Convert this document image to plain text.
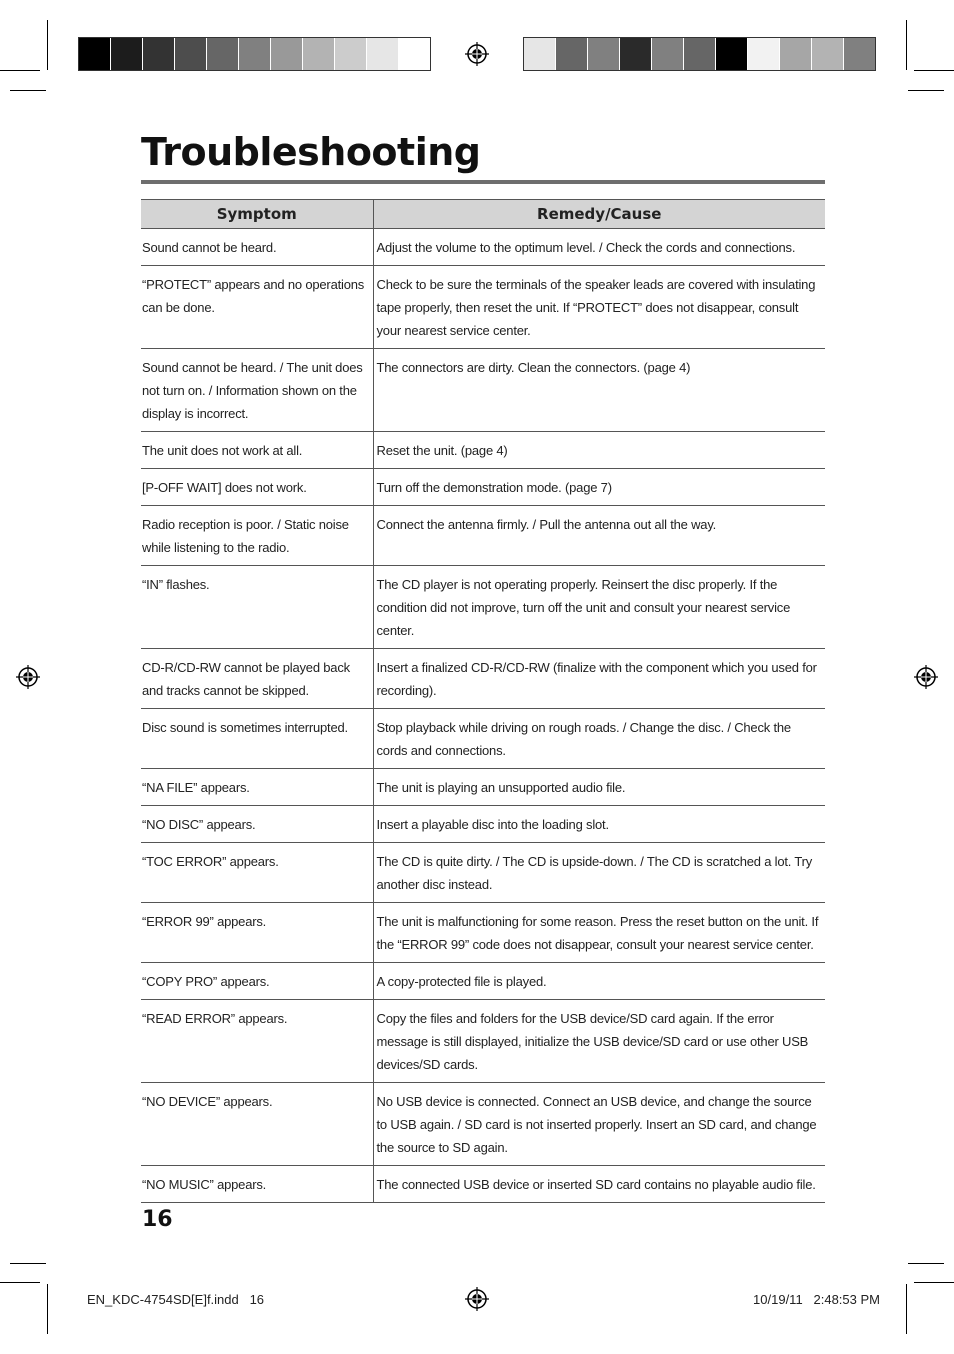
Troubleshooting
Symptom	Remedy/Cause
Sound cannot be heard.	Adjust the volume to the optimum level. / Check the cords and connections.
“PROTECT” appears and no operations can be done.	Check to be sure the terminals of the speaker leads are covered with insulating tape properly, then reset the unit. If “PROTECT” does not disappear, consult your nearest service center.
Sound cannot be heard. / The unit does not turn on. / Information shown on the display is incorrect.	The connectors are dirty. Clean the connectors. (page 4)
The unit does not work at all.	Reset the unit. (page 4)
[P-OFF WAIT] does not work.	Turn off the demonstration mode. (page 7)
Radio reception is poor. / Static noise while listening to the radio.	Connect the antenna firmly. / Pull the antenna out all the way.
“IN” flashes.	The CD player is not operating properly. Reinsert the disc properly. If the condition did not improve, turn off the unit and consult your nearest service center.
CD-R/CD-RW cannot be played back and tracks cannot be skipped.	Insert a finalized CD-R/CD-RW (finalize with the component which you used for recording).
Disc sound is sometimes interrupted.	Stop playback while driving on rough roads. / Change the disc. / Check the cords and connections.
“NA FILE” appears.	The unit is playing an unsupported audio file.
“NO DISC” appears.	Insert a playable disc into the loading slot.
“TOC ERROR” appears.	The CD is quite dirty. / The CD is upside-down. / The CD is scratched a lot. Try another disc instead.
“ERROR 99” appears.	The unit is malfunctioning for some reason. Press the reset button on the unit. If the “ERROR 99” code does not disappear, consult your nearest service center.
“COPY PRO” appears.	A copy-protected file is played.
“READ ERROR” appears.	Copy the files and folders for the USB device/SD card again. If the error message is still displayed, initialize the USB device/SD card or use other USB devices/SD cards.
“NO DEVICE” appears.	No USB device is connected. Connect an USB device, and change the source to USB again. / SD card is not inserted properly. Insert an SD card, and change the source to SD again.
“NO MUSIC” appears.	The connected USB device or inserted SD card contains no playable audio file.
16
EN_KDC-4754SD[E]f.indd   16	10/19/11   2:48:53 PM
